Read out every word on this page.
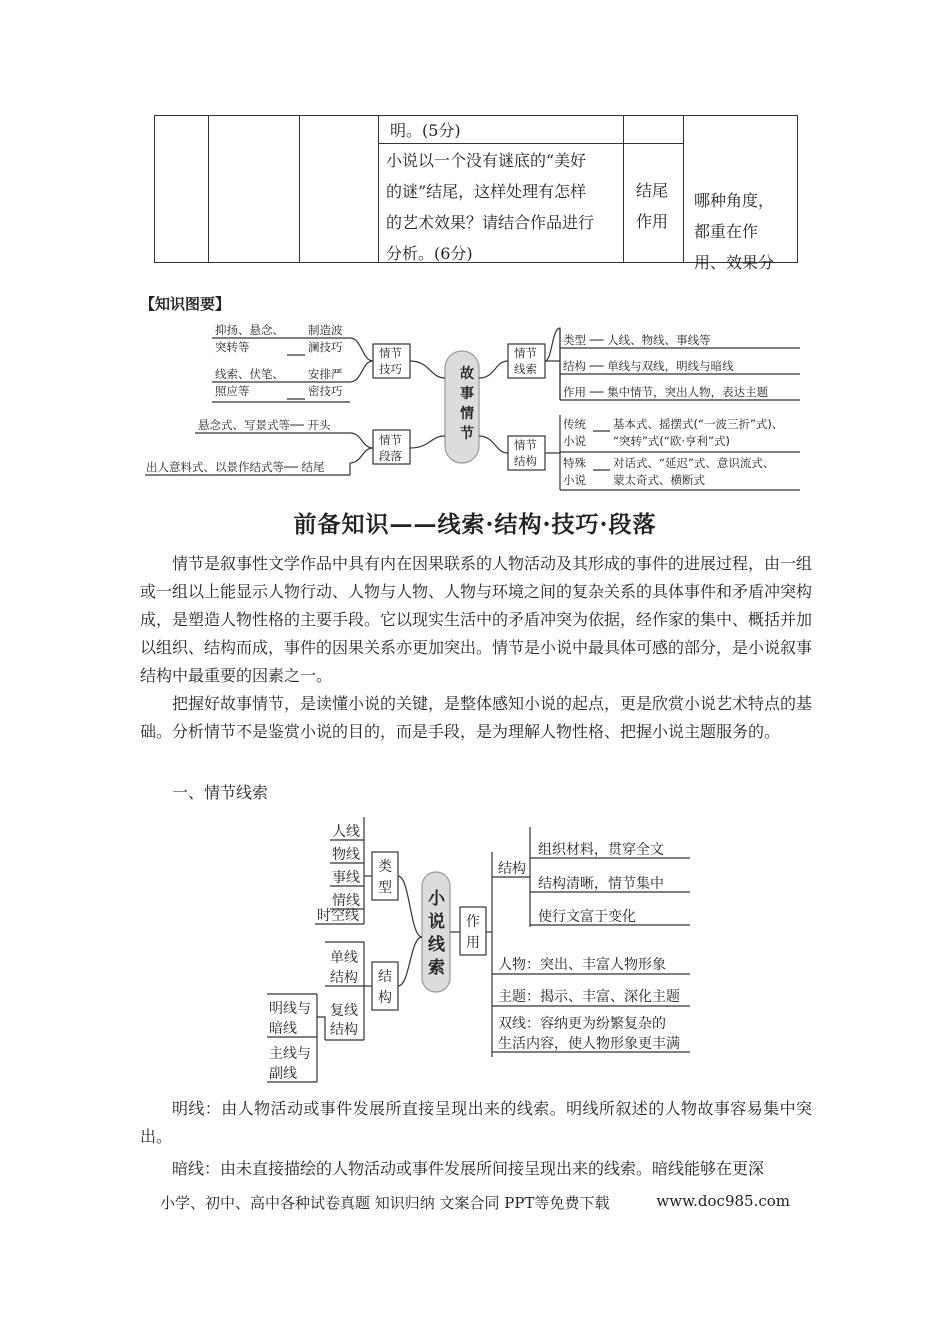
明。(5分)
小说以一个没有谜底的“美好
的谜”结尾，这样处理有怎样
的艺术效果？请结合作品进行
分析。(6分)
结尾
作用
哪种角度，
都重在作
用、效果分
【知识图要】
故
事
情
节
情节
技巧
情节
段落
抑扬、悬念、
突转等
制造波
澜技巧
线索、伏笔、
照应等
安排严
密技巧
悬念式、写景式等── 开头
出人意料式、以景作结式等── 结尾
情节
线索
情节
结构
类型 ── 人线、物线、事线等
结构 ── 单线与双线，明线与暗线
作用 ── 集中情节，突出人物，表达主题
传统
小说
基本式、摇摆式(“一波三折”式)、
“突转”式(“欧·亨利”式)
特殊
小说
对话式、“延迟”式、意识流式、
蒙太奇式、横断式
前备知识——线索·结构·技巧·段落

情节是叙事性文学作品中具有内在因果联系的人物活动及其形成的事件的进展过程，由一组或一组以上能显示人物行动、人物与人物、人物与环境之间的复杂关系的具体事件和矛盾冲突构成，是塑造人物性格的主要手段。它以现实生活中的矛盾冲突为依据，经作家的集中、概括并加以组织、结构而成，事件的因果关系亦更加突出。情节是小说中最具体可感的部分，是小说叙事结构中最重要的因素之一。

把握好故事情节，是读懂小说的关键，是整体感知小说的起点，更是欣赏小说艺术特点的基础。分析情节不是鉴赏小说的目的，而是手段，是为理解人物性格、把握小说主题服务的。

一、情节线索
小
说
线
索
类
型
结
构
人线
物线
事线
情线
时空线
单线
结构
复线
结构
明线与
暗线
主线与
副线
作
用
结构
组织材料，贯穿全文
结构清晰，情节集中
使行文富于变化
人物：突出、丰富人物形象
主题：揭示、丰富、深化主题
双线：容纳更为纷繁复杂的
生活内容，使人物形象更丰满

明线：由人物活动或事件发展所直接呈现出来的线索。明线所叙述的人物故事容易集中突出。

暗线：由未直接描绘的人物活动或事件发展所间接呈现出来的线索。暗线能够在更深

小学、初中、高中各种试卷真题 知识归纳 文案合同 PPT等免费下载	www.doc985.com
